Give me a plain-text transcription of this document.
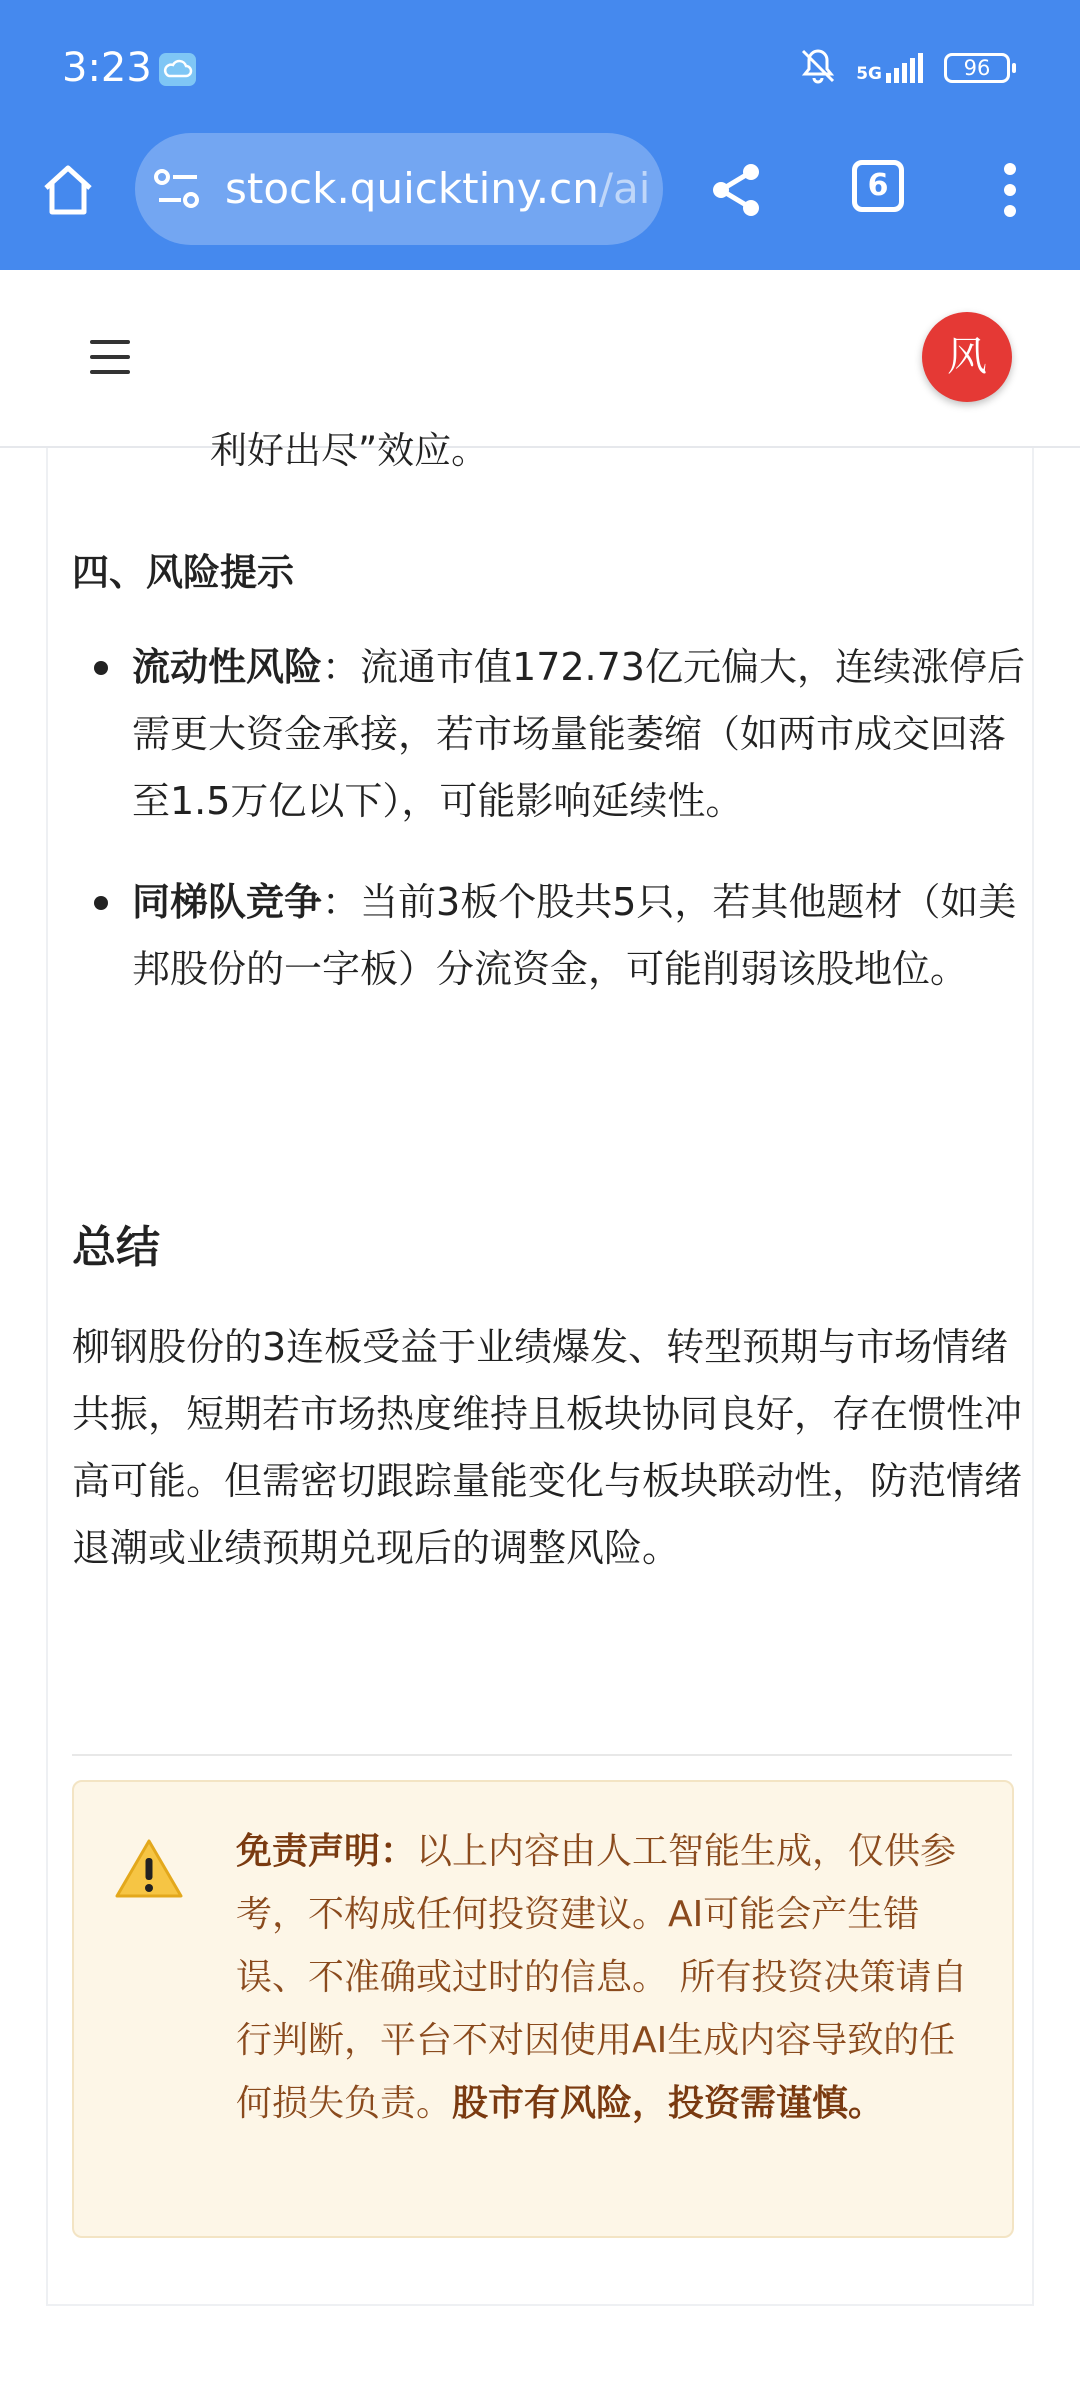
3:23	5G	96
stock.quicktiny.cn/ai	6
风
利好出尽”效应。
四、风险提示
流动性风险：流通市值172.73亿元偏大，连续涨停后需更大资金承接，若市场量能萎缩（如两市成交回落至1.5万亿以下），可能影响延续性。
同梯队竞争：当前3板个股共5只，若其他题材（如美邦股份的一字板）分流资金，可能削弱该股地位。
总结

柳钢股份的3连板受益于业绩爆发、转型预期与市场情绪共振，短期若市场热度维持且板块协同良好，存在惯性冲高可能。但需密切跟踪量能变化与板块联动性，防范情绪退潮或业绩预期兑现后的调整风险。

免责声明：以上内容由人工智能生成，仅供参考，不构成任何投资建议。AI可能会产生错误、不准确或过时的信息。 所有投资决策请自行判断，平台不对因使用AI生成内容导致的任何损失负责。股市有风险，投资需谨慎。
